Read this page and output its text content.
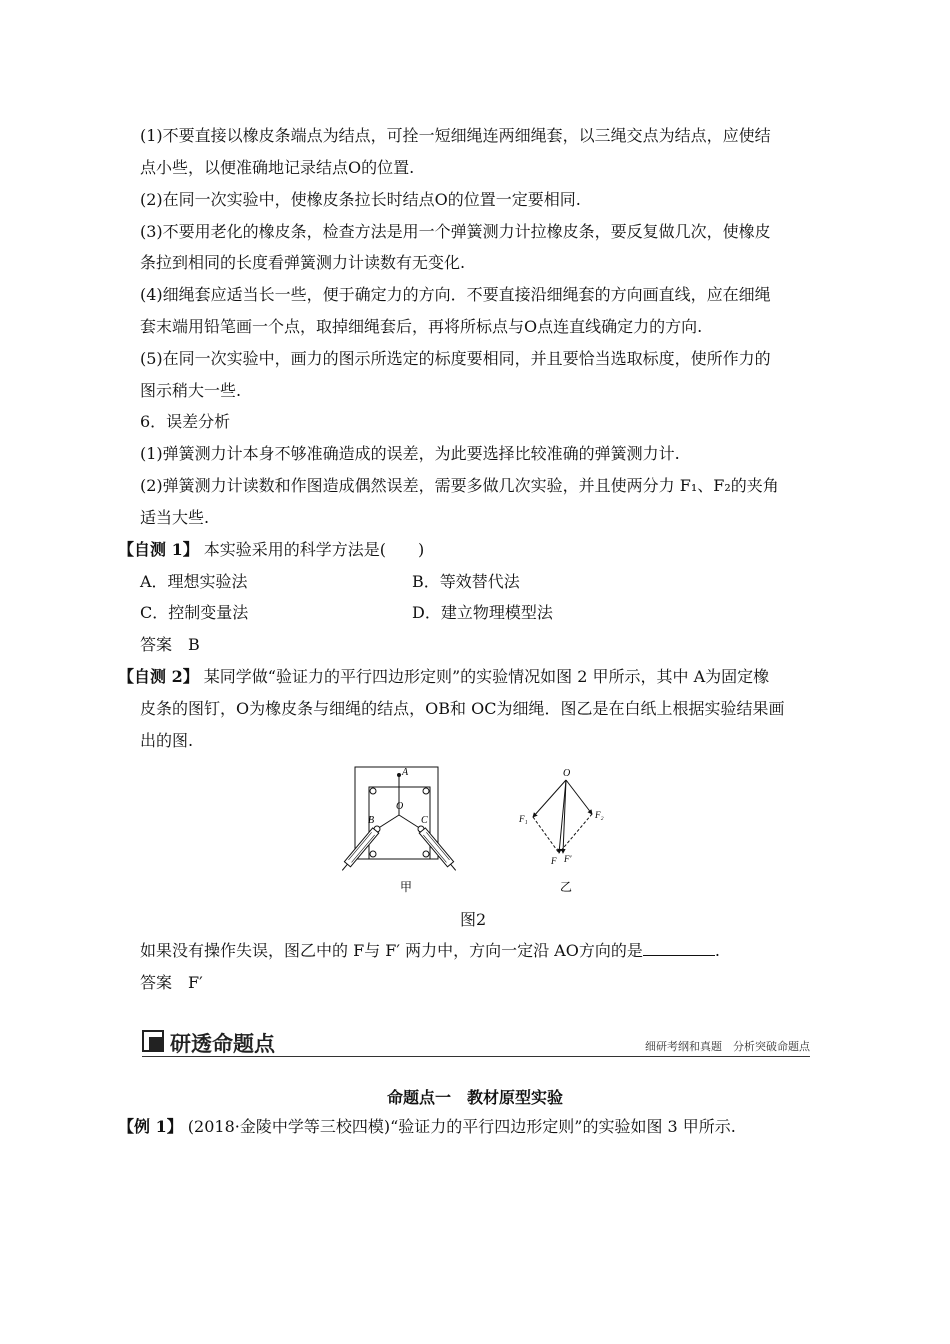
(1)不要直接以橡皮条端点为结点，可拴一短细绳连两细绳套，以三绳交点为结点，应使结
点小些，以便准确地记录结点O的位置.
(2)在同一次实验中，使橡皮条拉长时结点O的位置一定要相同.
(3)不要用老化的橡皮条，检查方法是用一个弹簧测力计拉橡皮条，要反复做几次，使橡皮
条拉到相同的长度看弹簧测力计读数有无变化.
(4)细绳套应适当长一些，便于确定力的方向．不要直接沿细绳套的方向画直线，应在细绳
套末端用铅笔画一个点，取掉细绳套后，再将所标点与O点连直线确定力的方向.
(5)在同一次实验中，画力的图示所选定的标度要相同，并且要恰当选取标度，使所作力的
图示稍大一些.
6．误差分析
(1)弹簧测力计本身不够准确造成的误差，为此要选择比较准确的弹簧测力计.
(2)弹簧测力计读数和作图造成偶然误差，需要多做几次实验，并且使两分力 F₁、F₂的夹角
适当大些.
【自测 1】 本实验采用的科学方法是(　　)
A．理想实验法	B．等效替代法
C．控制变量法	D．建立物理模型法
答案　B
【自测 2】 某同学做“验证力的平行四边形定则”的实验情况如图 2 甲所示，其中 A为固定橡
皮条的图钉，O为橡皮条与细绳的结点，OB和 OC为细绳．图乙是在白纸上根据实验结果画
出的图.
A
O
B	C
甲
O
F₁	F₂
F F′
乙
图2
如果没有操作失误，图乙中的 F与 F′ 两力中，方向一定沿 AO方向的是	.
答案　F′
研透命题点	细研考纲和真题　分析突破命题点
命题点一　教材原型实验
【例 1】 (2018·金陵中学等三校四模)“验证力的平行四边形定则”的实验如图 3 甲所示.
